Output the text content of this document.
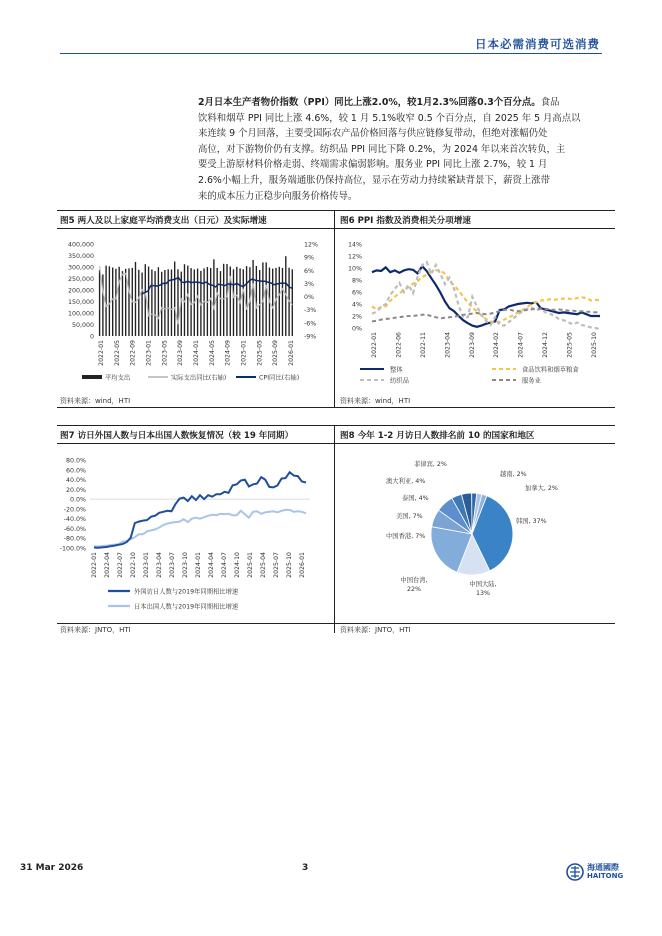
日本必需消费可选消费
2月日本生产者物价指数（PPI）同比上涨2.0%，较1月2.3%回落0.3个百分点。食品
饮料和烟草 PPI 同比上涨 4.6%，较 1 月 5.1%收窄 0.5 个百分点，自 2025 年 5 月高点以
来连续 9 个月回落，主要受国际农产品价格回落与供应链修复带动，但绝对涨幅仍处
高位，对下游物价仍有支撑。纺织品 PPI 同比下降 0.2%，为 2024 年以来首次转负，主
要受上游原材料价格走弱、终端需求偏弱影响。服务业 PPI 同比上涨 2.7%，较 1 月
2.6%小幅上升，服务端通胀仍保持高位，显示在劳动力持续紧缺背景下，薪资上涨带
来的成本压力正稳步向服务价格传导。
图5 两人及以上家庭平均消费支出（日元）及实际增速	图6 PPI 指数及消费相关分项增速
图7 访日外国人数与日本出国人数恢复情况（较 19 年同期）	图8 今年 1-2 月访日人数排名前 10 的国家和地区
资料来源：wind，HTI	资料来源：wind，HTI
资料来源：JNTO，HTI	资料来源：JNTO，HTI
400,000
350,000
300,000
250,000
200,000
150,000
100,000
50,000
0
12%
9%
6%
3%
0%
-3%
-6%
-9%
2022-01 2022-05 2022-09 2023-01 2023-05 2023-09 2024-01 2024-05 2024-09 2025-01 2025-05 2025-09 2026-01
平均支出	实际支出同比(右轴)	CPI同比(右轴)
14%
12%
10%
8%
6%
4%
2%
0%
2022-01	2022-06	2022-11	2023-04	2023-09	2024-02	2024-07	2024-12	2025-05	2025-10
整体	食品饮料和烟草粮食
纺织品	服务业
80.0%
60.0%
40.0%
20.0%
0.0%
-20.0%
-40.0%
-60.0%
-80.0%
-100.0%
2022-01 2022-04 2022-07 2022-10 2023-01 2023-04 2023-07 2023-10 2024-01 2024-04 2024-07 2024-10 2025-01 2025-04 2025-07 2025-10 2026-01
外国访日人数与2019年同期相比增速
日本出国人数与2019年同期相比增速
韩国, 37%
中国大陆,
13%
中国台湾,
22%
中国香港, 7%
美国, 7%
泰国, 4%
澳大利亚, 4%
菲律宾, 2%
越南, 2%
加拿大, 2%
31 Mar 2026	3	海通國際
HAITONG
